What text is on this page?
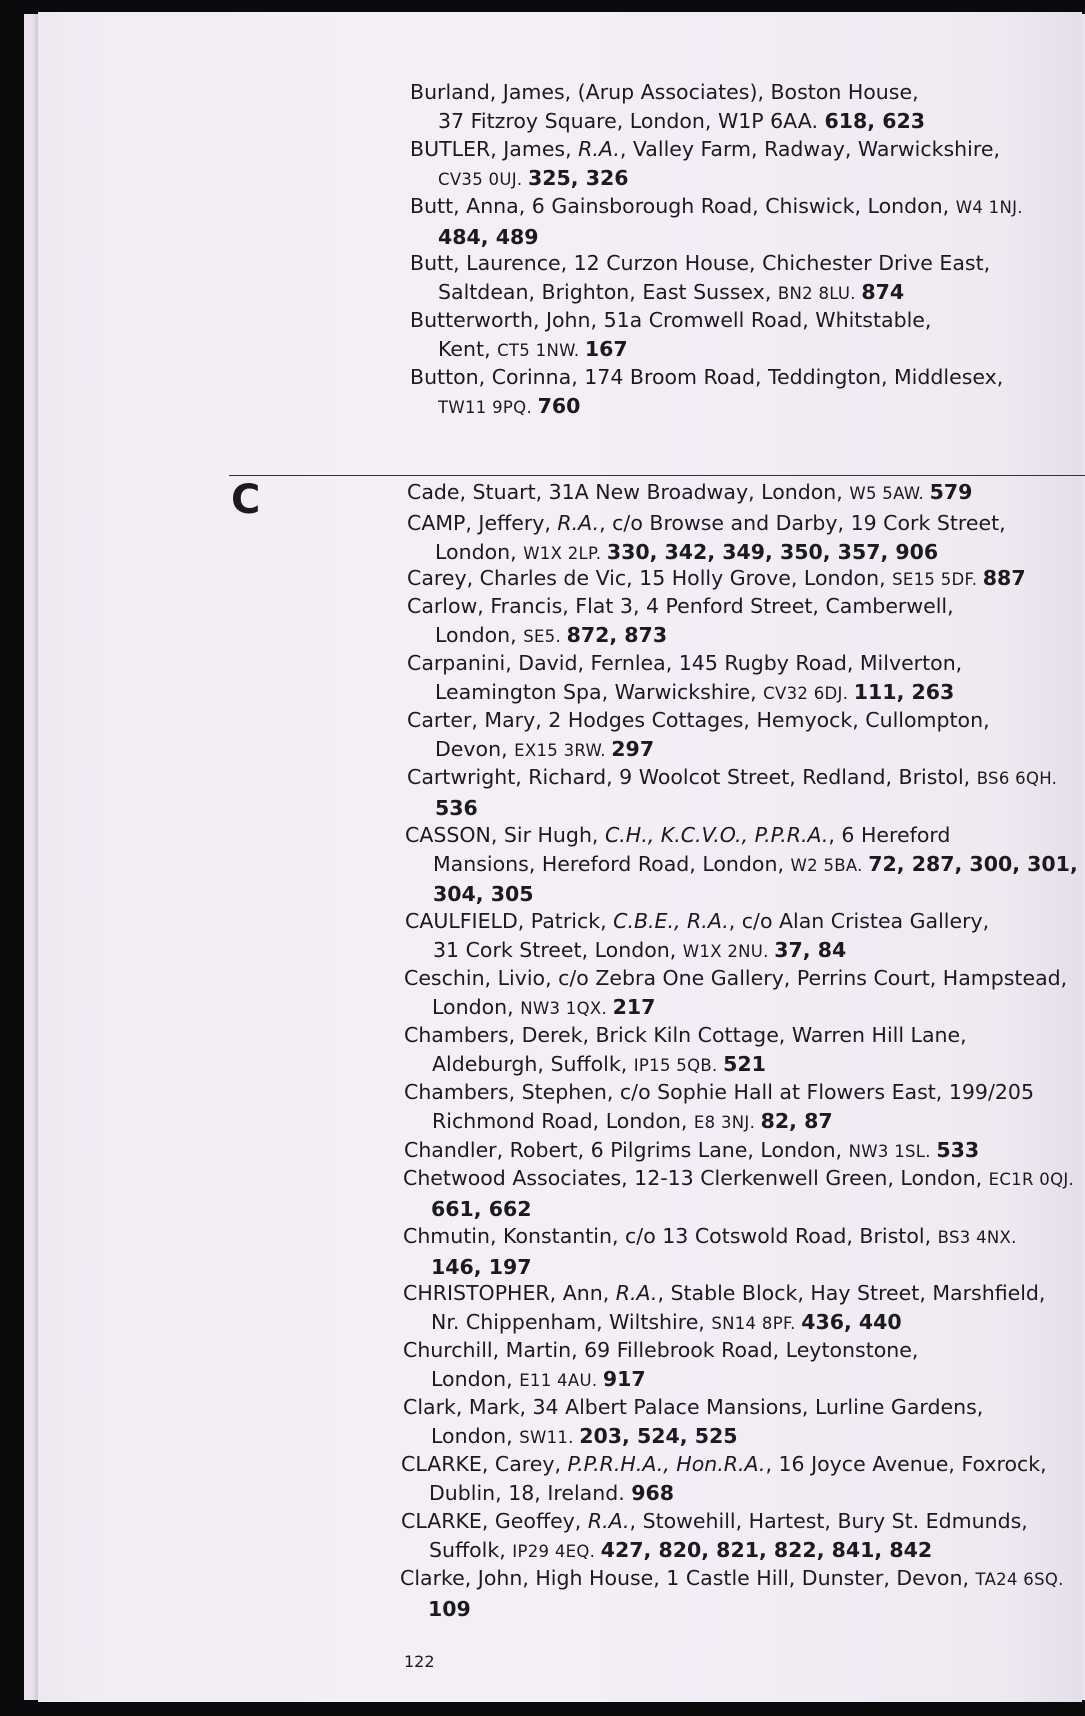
C
Burland, James, (Arup Associates), Boston House,
37 Fitzroy Square, London, W1P 6AA. 618, 623
BUTLER, James, R.A., Valley Farm, Radway, Warwickshire,
CV35 0UJ. 325, 326
Butt, Anna, 6 Gainsborough Road, Chiswick, London, W4 1NJ.
484, 489
Butt, Laurence, 12 Curzon House, Chichester Drive East,
Saltdean, Brighton, East Sussex, BN2 8LU. 874
Butterworth, John, 51a Cromwell Road, Whitstable,
Kent, CT5 1NW. 167
Button, Corinna, 174 Broom Road, Teddington, Middlesex,
TW11 9PQ. 760
Cade, Stuart, 31A New Broadway, London, W5 5AW. 579
CAMP, Jeffery, R.A., c/o Browse and Darby, 19 Cork Street,
London, W1X 2LP. 330, 342, 349, 350, 357, 906
Carey, Charles de Vic, 15 Holly Grove, London, SE15 5DF. 887
Carlow, Francis, Flat 3, 4 Penford Street, Camberwell,
London, SE5. 872, 873
Carpanini, David, Fernlea, 145 Rugby Road, Milverton,
Leamington Spa, Warwickshire, CV32 6DJ. 111, 263
Carter, Mary, 2 Hodges Cottages, Hemyock, Cullompton,
Devon, EX15 3RW. 297
Cartwright, Richard, 9 Woolcot Street, Redland, Bristol, BS6 6QH.
536
CASSON, Sir Hugh, C.H., K.C.V.O., P.P.R.A., 6 Hereford
Mansions, Hereford Road, London, W2 5BA. 72, 287, 300, 301,
304, 305
CAULFIELD, Patrick, C.B.E., R.A., c/o Alan Cristea Gallery,
31 Cork Street, London, W1X 2NU. 37, 84
Ceschin, Livio, c/o Zebra One Gallery, Perrins Court, Hampstead,
London, NW3 1QX. 217
Chambers, Derek, Brick Kiln Cottage, Warren Hill Lane,
Aldeburgh, Suffolk, IP15 5QB. 521
Chambers, Stephen, c/o Sophie Hall at Flowers East, 199/205
Richmond Road, London, E8 3NJ. 82, 87
Chandler, Robert, 6 Pilgrims Lane, London, NW3 1SL. 533
Chetwood Associates, 12-13 Clerkenwell Green, London, EC1R 0QJ.
661, 662
Chmutin, Konstantin, c/o 13 Cotswold Road, Bristol, BS3 4NX.
146, 197
CHRISTOPHER, Ann, R.A., Stable Block, Hay Street, Marshfield,
Nr. Chippenham, Wiltshire, SN14 8PF. 436, 440
Churchill, Martin, 69 Fillebrook Road, Leytonstone,
London, E11 4AU. 917
Clark, Mark, 34 Albert Palace Mansions, Lurline Gardens,
London, SW11. 203, 524, 525
CLARKE, Carey, P.P.R.H.A., Hon.R.A., 16 Joyce Avenue, Foxrock,
Dublin, 18, Ireland. 968
CLARKE, Geoffey, R.A., Stowehill, Hartest, Bury St. Edmunds,
Suffolk, IP29 4EQ. 427, 820, 821, 822, 841, 842
Clarke, John, High House, 1 Castle Hill, Dunster, Devon, TA24 6SQ.
109
122
